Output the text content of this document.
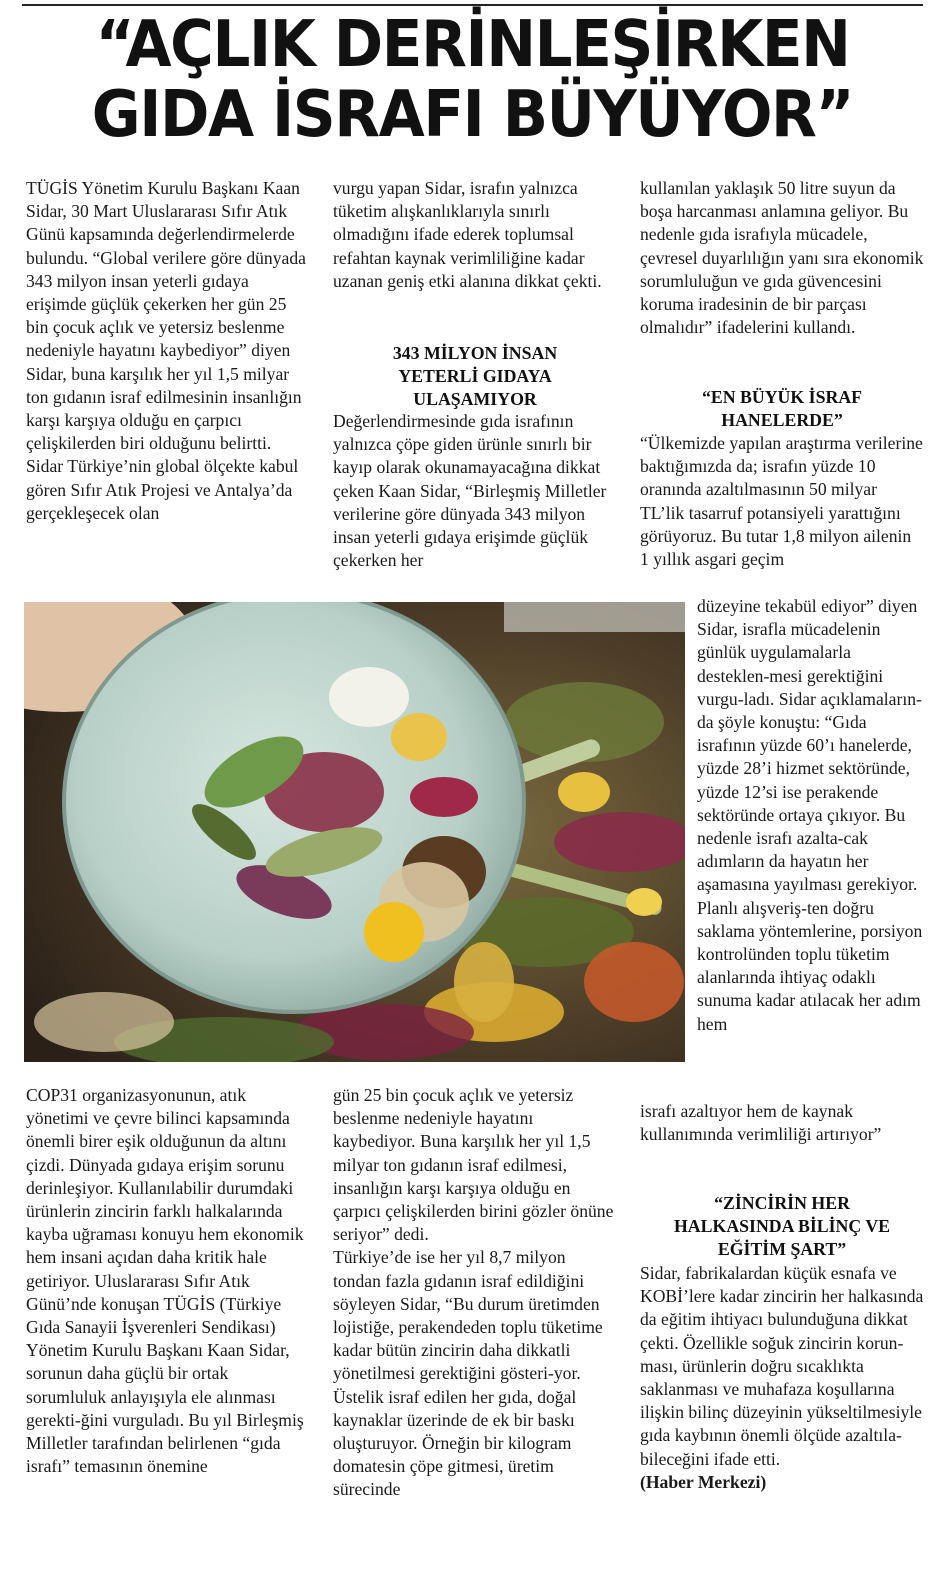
“AÇLIK DERİNLEŞİRKEN
GIDA İSRAFI BÜYÜYOR”

TÜGİS Yönetim Kurulu Başkanı Kaan Sidar, 30 Mart Uluslararası Sıfır Atık Günü kapsamında değerlendirmelerde bulundu. “Global verilere göre dünyada 343 milyon insan yeterli gıdaya erişimde güçlük çekerken her gün 25 bin çocuk açlık ve yetersiz beslenme nedeniyle hayatını kaybediyor” diyen Sidar, buna karşılık her yıl 1,5 milyar ton gıdanın israf edilmesinin insanlığın karşı karşıya olduğu en çarpıcı çelişkilerden biri olduğunu belirtti.

Sidar Türkiye’nin global ölçekte kabul gören Sıfır Atık Projesi ve Antalya’da gerçekleşecek olan

vurgu yapan Sidar, israfın yalnızca tüketim alışkanlıklarıyla sınırlı olmadığını ifade ederek toplumsal refahtan kaynak verimliliğine kadar uzanan geniş etki alanına dikkat çekti.

343 MİLYON İNSAN
YETERLİ GIDAYA
ULAŞAMIYOR

Değerlendirmesinde gıda israfının yalnızca çöpe giden ürünle sınırlı bir kayıp olarak okunamayacağına dikkat çeken Kaan Sidar, “Birleşmiş Milletler verilerine göre dünyada 343 milyon insan yeterli gıdaya erişimde güçlük çekerken her

kullanılan yaklaşık 50 litre suyun da boşa harcanması anlamına geliyor. Bu nedenle gıda israfıyla mücadele, çevresel duyarlılığın yanı sıra ekonomik sorumluluğun ve gıda güvencesini koruma iradesinin de bir parçası olmalıdır” ifadelerini kullandı.

“EN BÜYÜK İSRAF
HANELERDE”

“Ülkemizde yapılan araştırma verilerine baktığımızda da; israfın yüzde 10 oranında azaltılmasının 50 milyar TL’lik tasarruf potansiyeli yarattığını görüyoruz. Bu tutar 1,8 milyon ailenin 1 yıllık asgari geçim

düzeyine tekabül ediyor” diyen Sidar, israfla mücadelenin günlük uygulamalarla desteklen-mesi gerektiğini vurgu-ladı. Sidar açıklamaların-da şöyle konuştu: “Gıda israfının yüzde 60’ı hanelerde, yüzde 28’i hizmet sektöründe, yüzde 12’si ise perakende sektöründe ortaya çıkıyor. Bu nedenle israfı azalta-cak adımların da hayatın her aşamasına yayılması gerekiyor. Planlı alışveriş-ten doğru saklama yöntemlerine, porsiyon kontrolünden toplu tüketim alanlarında ihtiyaç odaklı sunuma kadar atılacak her adım hem

israfı azaltıyor hem de kaynak kullanımında verimliliği artırıyor”

“ZİNCİRİN HER
HALKASINDA BİLİNÇ VE
EĞİTİM ŞART”

Sidar, fabrikalardan küçük esnafa ve KOBİ’lere kadar zincirin her halkasında da eğitim ihtiyacı bulunduğuna dikkat çekti. Özellikle soğuk zincirin korun-ması, ürünlerin doğru sıcaklıkta saklanması ve muhafaza koşullarına ilişkin bilinç düzeyinin yükseltilmesiyle gıda kaybının önemli ölçüde azaltıla-bileceğini ifade etti.

(Haber Merkezi)

COP31 organizasyonunun, atık yönetimi ve çevre bilinci kapsamında önemli birer eşik olduğunun da altını çizdi. Dünyada gıdaya erişim sorunu derinleşiyor. Kullanılabilir durumdaki ürünlerin zincirin farklı halkalarında kayba uğraması konuyu hem ekonomik hem insani açıdan daha kritik hale getiriyor. Uluslararası Sıfır Atık Günü’nde konuşan TÜGİS (Türkiye Gıda Sanayii İşverenleri Sendikası) Yönetim Kurulu Başkanı Kaan Sidar, sorunun daha güçlü bir ortak sorumluluk anlayışıyla ele alınması gerekti-ğini vurguladı. Bu yıl Birleşmiş Milletler tarafından belirlenen “gıda israfı” temasının önemine

gün 25 bin çocuk açlık ve yetersiz beslenme nedeniyle hayatını kaybediyor. Buna karşılık her yıl 1,5 milyar ton gıdanın israf edilmesi, insanlığın karşı karşıya olduğu en çarpıcı çelişkilerden birini gözler önüne seriyor” dedi.

Türkiye’de ise her yıl 8,7 milyon tondan fazla gıdanın israf edildiğini söyleyen Sidar, “Bu durum üretimden lojistiğe, perakendeden toplu tüketime kadar bütün zincirin daha dikkatli yönetilmesi gerektiğini gösteri-yor. Üstelik israf edilen her gıda, doğal kaynaklar üzerinde de ek bir baskı oluşturuyor. Örneğin bir kilogram domatesin çöpe gitmesi, üretim sürecinde
